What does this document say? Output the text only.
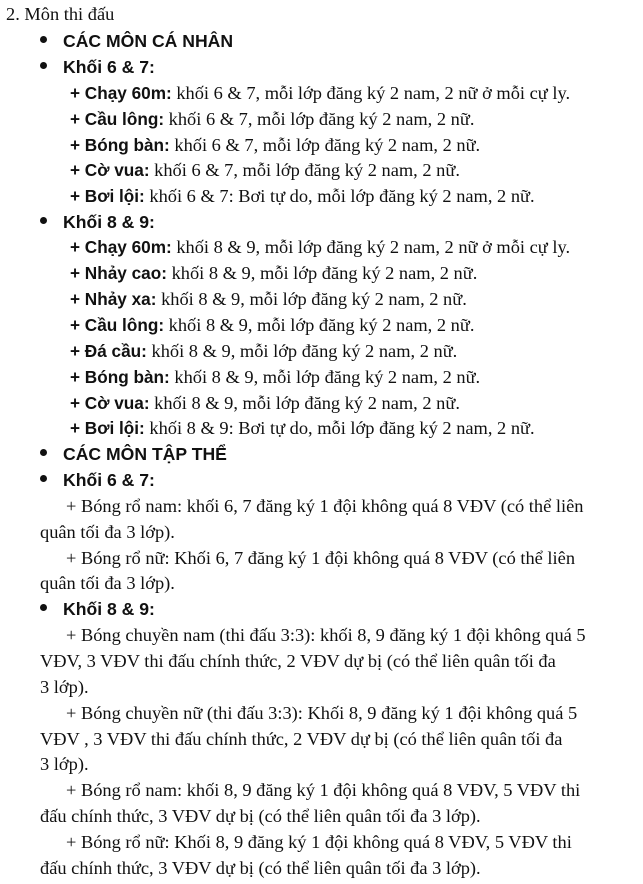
2. Môn thi đấu
CÁC MÔN CÁ NHÂN
Khối 6 & 7:
+ Chạy 60m: khối 6 & 7, mỗi lớp đăng ký 2 nam, 2 nữ ở mỗi cự ly.
+ Cầu lông: khối 6 & 7, mỗi lớp đăng ký 2 nam, 2 nữ.
+ Bóng bàn: khối 6 & 7, mỗi lớp đăng ký 2 nam, 2 nữ.
+ Cờ vua: khối 6 & 7, mỗi lớp đăng ký 2 nam, 2 nữ.
+ Bơi lội: khối 6 & 7: Bơi tự do, mỗi lớp đăng ký 2 nam, 2 nữ.
Khối 8 & 9:
+ Chạy 60m: khối 8 & 9, mỗi lớp đăng ký 2 nam, 2 nữ ở mỗi cự ly.
+ Nhảy cao: khối 8 & 9, mỗi lớp đăng ký 2 nam, 2 nữ.
+ Nhảy xa: khối 8 & 9, mỗi lớp đăng ký 2 nam, 2 nữ.
+ Cầu lông: khối 8 & 9, mỗi lớp đăng ký 2 nam, 2 nữ.
+ Đá cầu: khối 8 & 9, mỗi lớp đăng ký 2 nam, 2 nữ.
+ Bóng bàn: khối 8 & 9, mỗi lớp đăng ký 2 nam, 2 nữ.
+ Cờ vua: khối 8 & 9, mỗi lớp đăng ký 2 nam, 2 nữ.
+ Bơi lội: khối 8 & 9: Bơi tự do, mỗi lớp đăng ký 2 nam, 2 nữ.
CÁC MÔN TẬP THỂ
Khối 6 & 7:
+ Bóng rổ nam: khối 6, 7 đăng ký 1 đội không quá 8 VĐV (có thể liên
quân tối đa 3 lớp).
+ Bóng rổ nữ: Khối 6, 7 đăng ký 1 đội không quá 8 VĐV (có thể liên
quân tối đa 3 lớp).
Khối 8 & 9:
+ Bóng chuyền nam (thi đấu 3:3): khối 8, 9 đăng ký 1 đội không quá 5
VĐV, 3 VĐV thi đấu chính thức, 2 VĐV dự bị (có thể liên quân tối đa
3 lớp).
+ Bóng chuyền nữ (thi đấu 3:3): Khối 8, 9 đăng ký 1 đội không quá 5
VĐV , 3 VĐV thi đấu chính thức, 2 VĐV dự bị (có thể liên quân tối đa
3 lớp).
+ Bóng rổ nam: khối 8, 9 đăng ký 1 đội không quá 8 VĐV, 5 VĐV thi
đấu chính thức, 3 VĐV dự bị (có thể liên quân tối đa 3 lớp).
+ Bóng rổ nữ: Khối 8, 9 đăng ký 1 đội không quá 8 VĐV, 5 VĐV thi
đấu chính thức, 3 VĐV dự bị (có thể liên quân tối đa 3 lớp).
